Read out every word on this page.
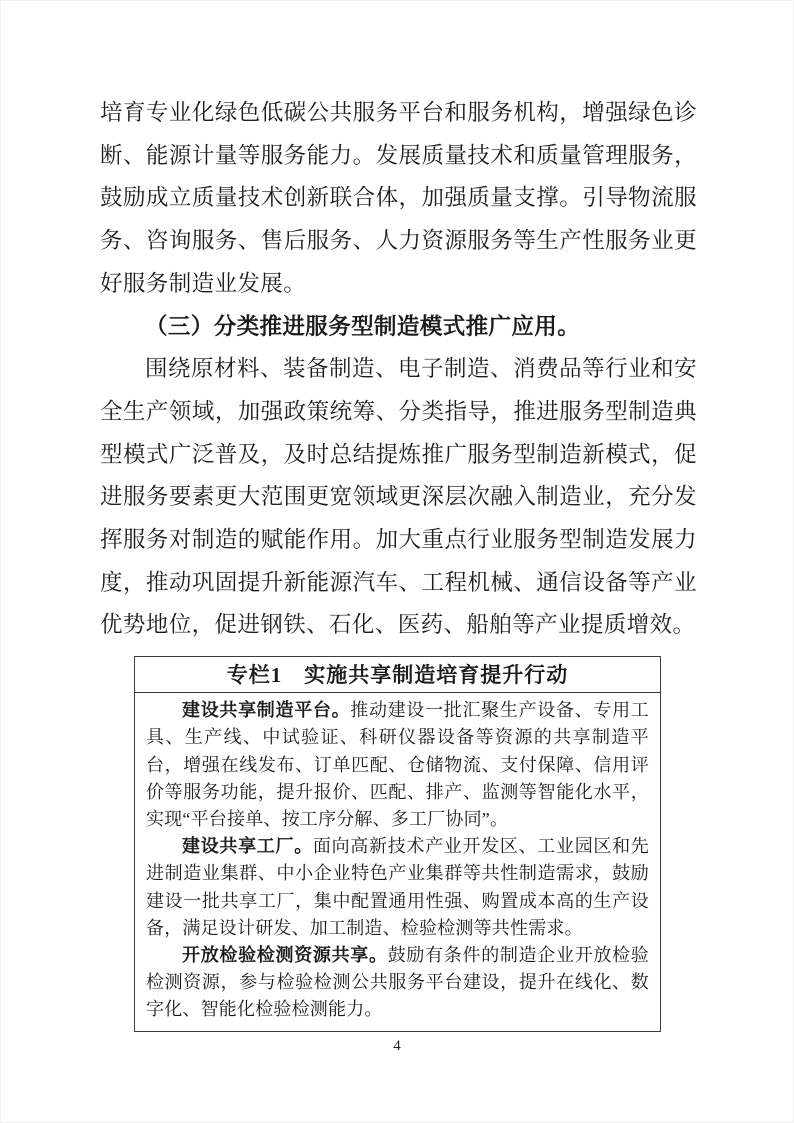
培育专业化绿色低碳公共服务平台和服务机构，增强绿色诊断、能源计量等服务能力。发展质量技术和质量管理服务，鼓励成立质量技术创新联合体，加强质量支撑。引导物流服务、咨询服务、售后服务、人力资源服务等生产性服务业更好服务制造业发展。

（三）分类推进服务型制造模式推广应用。

围绕原材料、装备制造、电子制造、消费品等行业和安全生产领域，加强政策统筹、分类指导，推进服务型制造典型模式广泛普及，及时总结提炼推广服务型制造新模式，促进服务要素更大范围更宽领域更深层次融入制造业，充分发挥服务对制造的赋能作用。加大重点行业服务型制造发展力度，推动巩固提升新能源汽车、工程机械、通信设备等产业优势地位，促进钢铁、石化、医药、船舶等产业提质增效。

专栏1　实施共享制造培育提升行动

建设共享制造平台。推动建设一批汇聚生产设备、专用工具、生产线、中试验证、科研仪器设备等资源的共享制造平台，增强在线发布、订单匹配、仓储物流、支付保障、信用评价等服务功能，提升报价、匹配、排产、监测等智能化水平，实现“平台接单、按工序分解、多工厂协同”。

建设共享工厂。面向高新技术产业开发区、工业园区和先进制造业集群、中小企业特色产业集群等共性制造需求，鼓励建设一批共享工厂，集中配置通用性强、购置成本高的生产设备，满足设计研发、加工制造、检验检测等共性需求。

开放检验检测资源共享。鼓励有条件的制造企业开放检验检测资源，参与检验检测公共服务平台建设，提升在线化、数字化、智能化检验检测能力。

4
